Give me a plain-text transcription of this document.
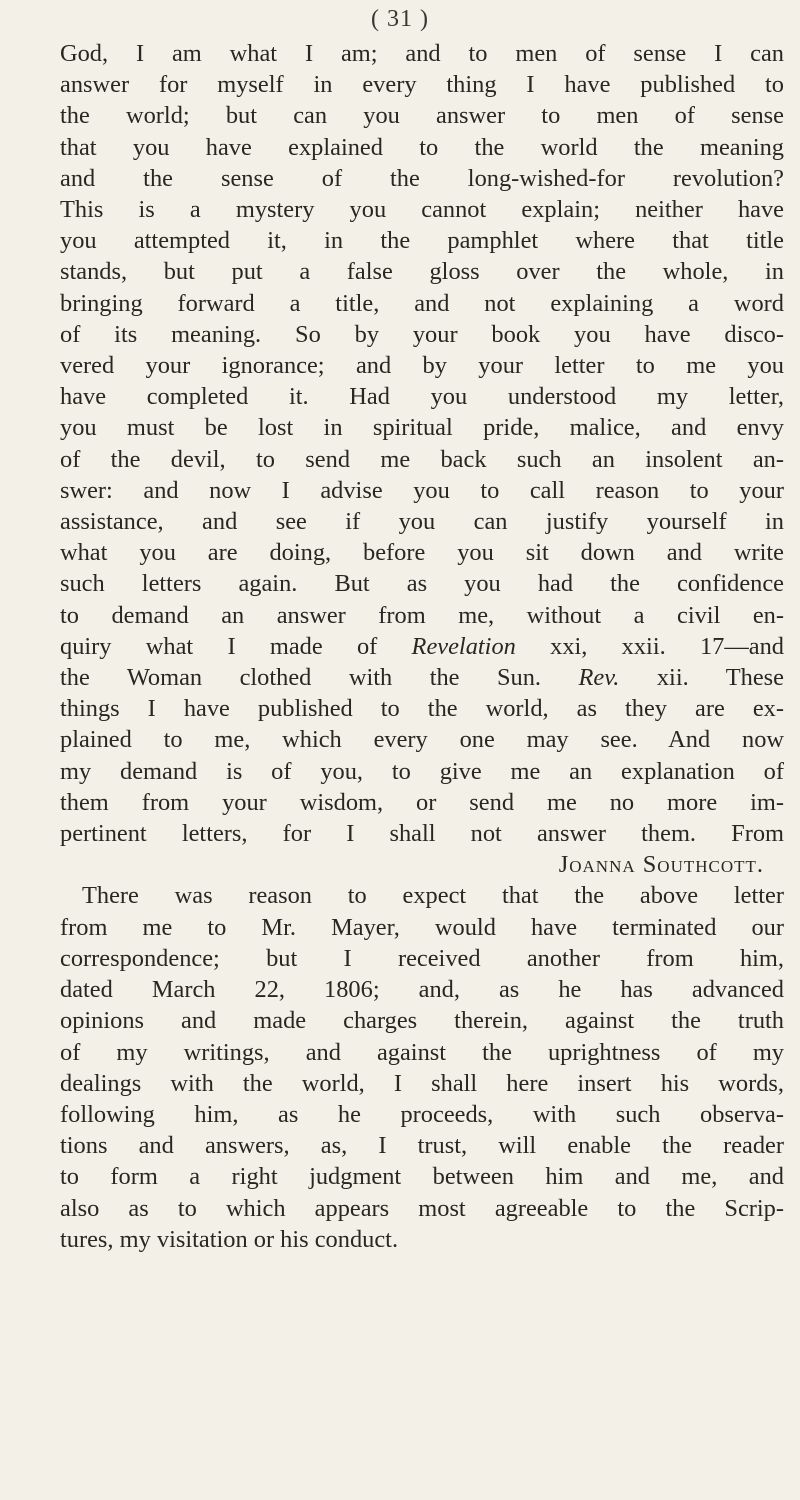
( 31 )
God, I am what I am; and to men of sense I can
answer for myself in every thing I have published to
the world; but can you answer to men of sense
that you have explained to the world the meaning
and the sense of the long-wished-for revolution?
This is a mystery you cannot explain; neither have
you attempted it, in the pamphlet where that title
stands, but put a false gloss over the whole, in
bringing forward a title, and not explaining a word
of its meaning. So by your book you have disco-
vered your ignorance; and by your letter to me you
have completed it. Had you understood my letter,
you must be lost in spiritual pride, malice, and envy
of the devil, to send me back such an insolent an-
swer: and now I advise you to call reason to your
assistance, and see if you can justify yourself in
what you are doing, before you sit down and write
such letters again. But as you had the confidence
to demand an answer from me, without a civil en-
quiry what I made of Revelation xxi, xxii. 17—and
the Woman clothed with the Sun. Rev. xii. These
things I have published to the world, as they are ex-
plained to me, which every one may see. And now
my demand is of you, to give me an explanation of
them from your wisdom, or send me no more im-
pertinent letters, for I shall not answer them. From
Joanna Southcott.
There was reason to expect that the above letter
from me to Mr. Mayer, would have terminated our
correspondence; but I received another from him,
dated March 22, 1806; and, as he has advanced
opinions and made charges therein, against the truth
of my writings, and against the uprightness of my
dealings with the world, I shall here insert his words,
following him, as he proceeds, with such observa-
tions and answers, as, I trust, will enable the reader
to form a right judgment between him and me, and
also as to which appears most agreeable to the Scrip-
tures, my visitation or his conduct.
